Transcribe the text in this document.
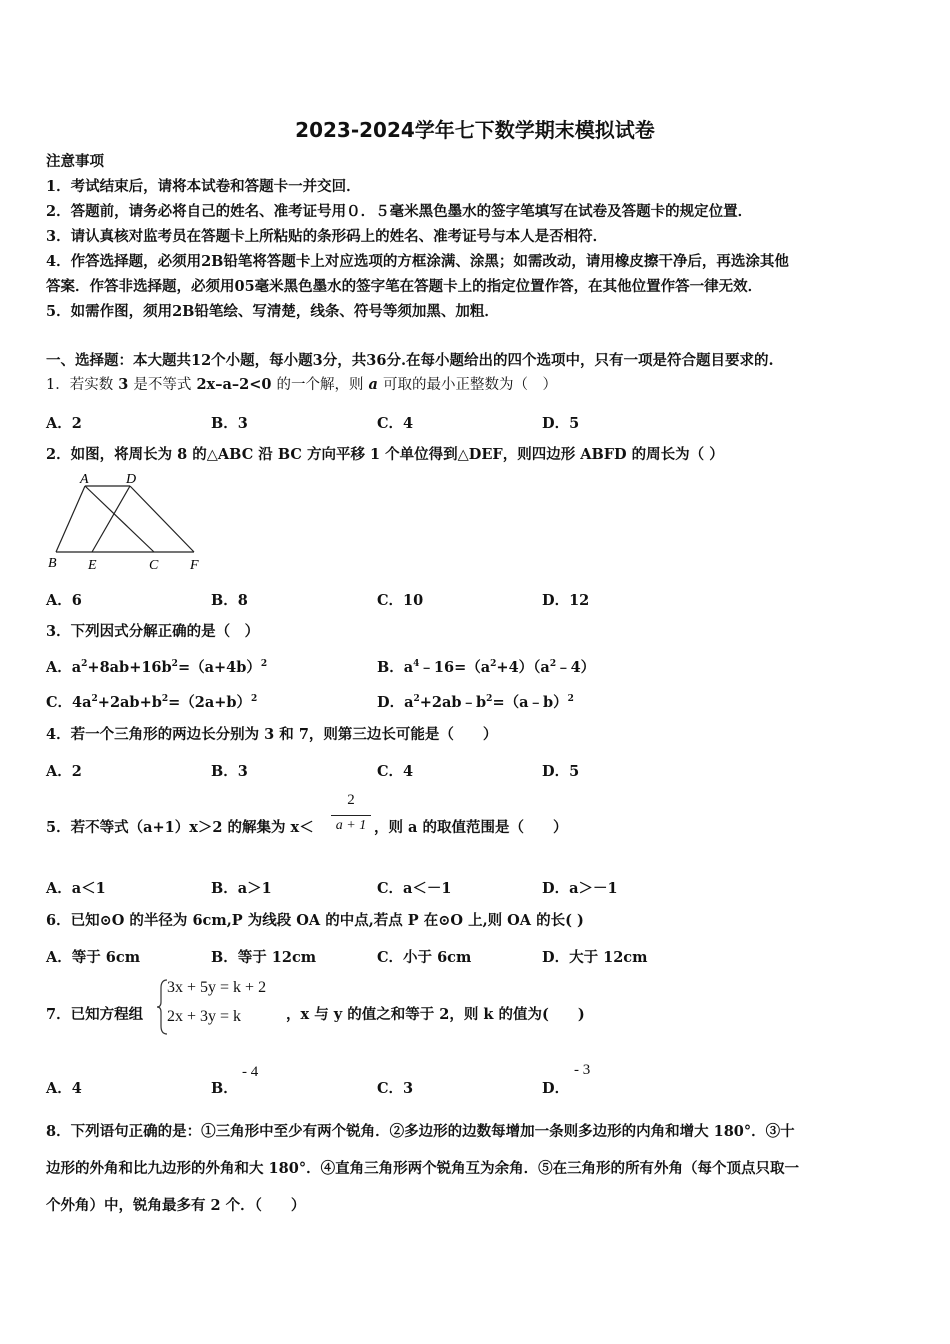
2023-2024学年七下数学期末模拟试卷
注意事项
1．考试结束后，请将本试卷和答题卡一并交回．
2．答题前，请务必将自己的姓名、准考证号用０．５毫米黑色墨水的签字笔填写在试卷及答题卡的规定位置．
3．请认真核对监考员在答题卡上所粘贴的条形码上的姓名、准考证号与本人是否相符．
4．作答选择题，必须用2B铅笔将答题卡上对应选项的方框涂满、涂黑；如需改动，请用橡皮擦干净后，再选涂其他
答案．作答非选择题，必须用05毫米黑色墨水的签字笔在答题卡上的指定位置作答，在其他位置作答一律无效．
5．如需作图，须用2B铅笔绘、写清楚，线条、符号等须加黑、加粗．
一、选择题：本大题共12个小题，每小题3分，共36分.在每小题给出的四个选项中，只有一项是符合题目要求的.
1．若实数 3 是不等式 2x–a–2<0 的一个解，则 a 可取的最小正整数为（　）
A．2	B．3	C．4	D．5
2．如图，将周长为 8 的△ABC 沿 BC 方向平移 1 个单位得到△DEF，则四边形 ABFD 的周长为（ ）
A	D
B E	C F
A．6	B．8	C．10	D．12
3．下列因式分解正确的是（　）
A．$a^2+8ab+16b^2=(a+4b)^2$	B．$a^4﹣16=(a^2+4)(a^2﹣4)$
C．$4a^2+2ab+b^2=(2a+b)^2$	D．$a^2+2ab﹣b^2=(a﹣b)^2$
4．若一个三角形的两边长分别为 3 和 7，则第三边长可能是（　　）
A．2	B．3	C．4	D．5
5．若不等式（a+1）x＞2 的解集为 x＜
2
a + 1 ，则 a 的取值范围是（　　）
A．a＜1	B．a＞1	C．a＜－1	D．a＞－1
6．已知⊙O 的半径为 6cm,P 为线段 OA 的中点,若点 P 在⊙O 上,则 OA 的长( )
A．等于 6cm	B．等于 12cm	C．小于 6cm	D．大于 12cm
7．已知方程组
3x + 5y = k + 2
2x + 3y = k	，x 与 y 的值之和等于 2，则 k 的值为(　　)
A．4	B．
- 4
C．3	D．
- 3
8．下列语句正确的是：①三角形中至少有两个锐角．②多边形的边数每增加一条则多边形的内角和增大 180°．③十
边形的外角和比九边形的外角和大 180°．④直角三角形两个锐角互为余角．⑤在三角形的所有外角（每个顶点只取一
个外角）中，锐角最多有 2 个．（　　）
